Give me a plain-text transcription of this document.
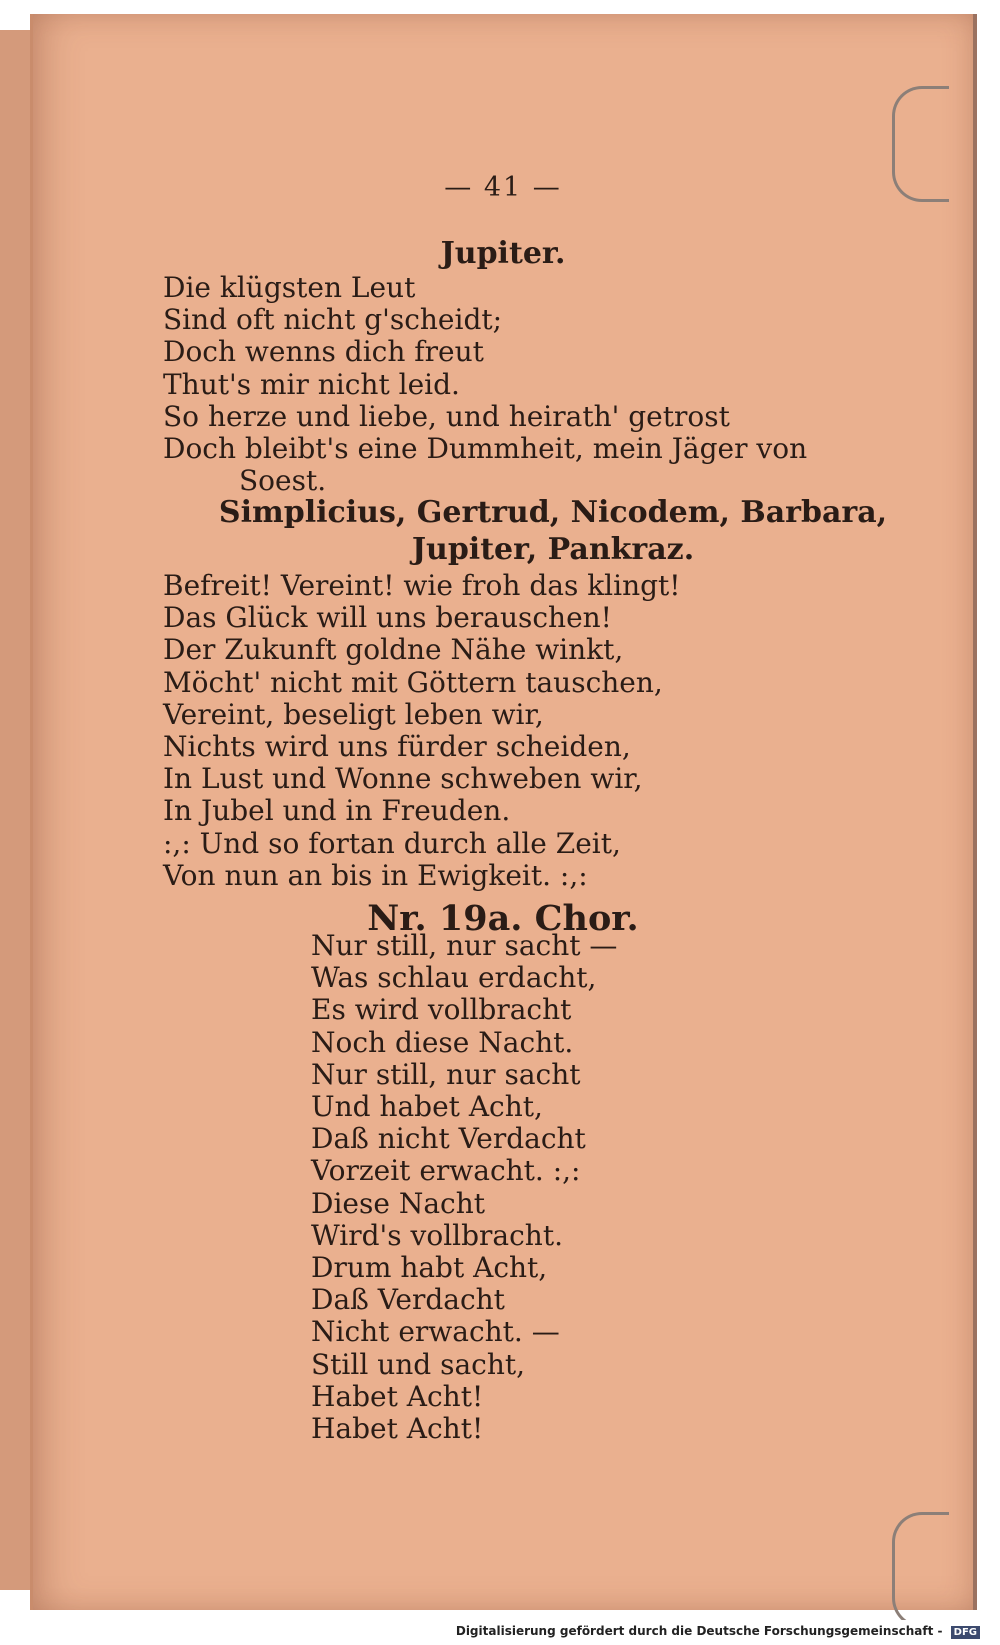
— 41 —
Jupiter.
Die klügsten Leut
Sind oft nicht g'scheidt;
Doch wenns dich freut
Thut's mir nicht leid.
So herze und liebe, und heirath' getrost
Doch bleibt's eine Dummheit, mein Jäger von
Soest.
Simplicius, Gertrud, Nicodem, Barbara, Jupiter, Pankraz.
Befreit! Vereint! wie froh das klingt!
Das Glück will uns berauschen!
Der Zukunft goldne Nähe winkt,
Möcht' nicht mit Göttern tauschen,
Vereint, beseligt leben wir,
Nichts wird uns fürder scheiden,
In Lust und Wonne schweben wir,
In Jubel und in Freuden.
:,: Und so fortan durch alle Zeit,
Von nun an bis in Ewigkeit. :,:
Nr. 19a. Chor.
Nur still, nur sacht —
Was schlau erdacht,
Es wird vollbracht
Noch diese Nacht.
Nur still, nur sacht
Und habet Acht,
Daß nicht Verdacht
Vorzeit erwacht. :,:
Diese Nacht
Wird's vollbracht.
Drum habt Acht,
Daß Verdacht
Nicht erwacht. —
Still und sacht,
Habet Acht!
Habet Acht!
Digitalisierung gefördert durch die Deutsche Forschungsgemeinschaft - DFG
